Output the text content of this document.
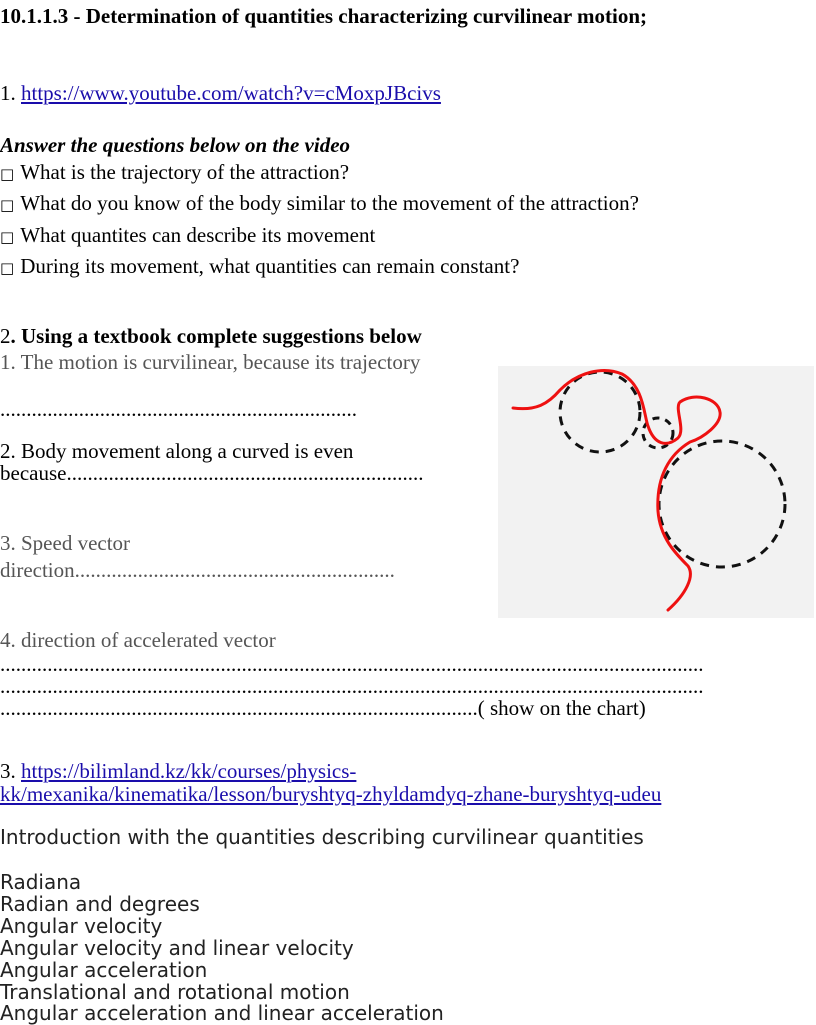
10.1.1.3 - Determination of quantities characterizing curvilinear motion;
1. https://www.youtube.com/watch?v=cMoxpJBcivs
Answer the questions below on the video
□ What is the trajectory of the attraction?
□ What do you know of the body similar to the movement of the attraction?
□ What quantites can describe its movement
□ During its movement, what quantities can remain constant?
2. Using a textbook complete suggestions below
1. The motion is curvilinear, because its trajectory
....................................................................
2. Body movement along a curved is even
because....................................................................
3. Speed vector
direction.............................................................
4. direction of accelerated vector
......................................................................................................................................
......................................................................................................................................
...........................................................................................( show on the chart)
3. https://bilimland.kz/kk/courses/physics-
kk/mexanika/kinematika/lesson/buryshtyq-zhyldamdyq-zhane-buryshtyq-udeu
Introduction with the quantities describing curvilinear quantities
Radiana
Radian and degrees
Angular velocity
Angular velocity and linear velocity
Angular acceleration
Translational and rotational motion
Angular acceleration and linear acceleration
